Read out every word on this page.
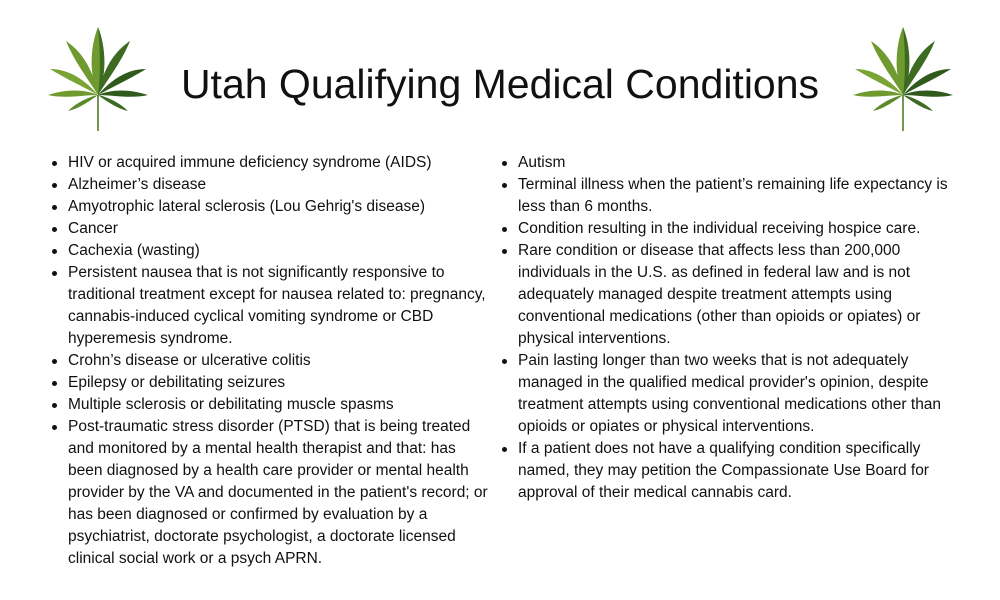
Utah Qualifying Medical Conditions
HIV or acquired immune deficiency syndrome (AIDS)
Alzheimer’s disease
Amyotrophic lateral sclerosis (Lou Gehrig's disease)
Cancer
Cachexia (wasting)
Persistent nausea that is not significantly responsive to traditional treatment except for nausea related to: pregnancy, cannabis-induced cyclical vomiting syndrome or CBD hyperemesis syndrome.
Crohn’s disease or ulcerative colitis
Epilepsy or debilitating seizures
Multiple sclerosis or debilitating muscle spasms
Post-traumatic stress disorder (PTSD) that is being treated and monitored by a mental health therapist and that: has been diagnosed by a health care provider or mental health provider by the VA and documented in the patient's record; or has been diagnosed or confirmed by evaluation by a psychiatrist, doctorate psychologist, a doctorate licensed clinical social work or a psych APRN.
Autism
Terminal illness when the patient’s remaining life expectancy is less than 6 months.
Condition resulting in the individual receiving hospice care.
Rare condition or disease that affects less than 200,000 individuals in the U.S. as defined in federal law and is not adequately managed despite treatment attempts using conventional medications (other than opioids or opiates) or physical interventions.
Pain lasting longer than two weeks that is not adequately managed in the qualified medical provider's opinion, despite treatment attempts using conventional medications other than opioids or opiates or physical interventions.
If a patient does not have a qualifying condition specifically named, they may petition the Compassionate Use Board for approval of their medical cannabis card.
